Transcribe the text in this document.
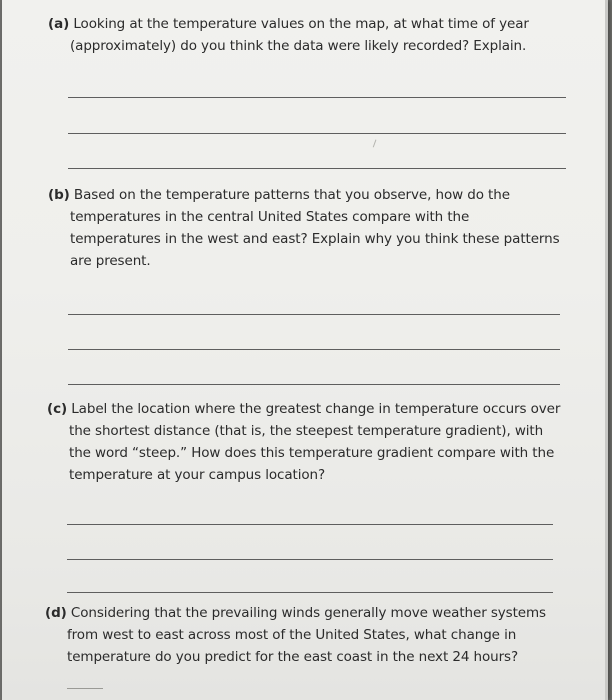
(a) Looking at the temperature values on the map, at what time of year
(approximately) do you think the data were likely recorded? Explain.
(b) Based on the temperature patterns that you observe, how do the
temperatures in the central United States compare with the
temperatures in the west and east? Explain why you think these patterns
are present.
(c) Label the location where the greatest change in temperature occurs over
the shortest distance (that is, the steepest temperature gradient), with
the word “steep.” How does this temperature gradient compare with the
temperature at your campus location?
(d) Considering that the prevailing winds generally move weather systems
from west to east across most of the United States, what change in
temperature do you predict for the east coast in the next 24 hours?
